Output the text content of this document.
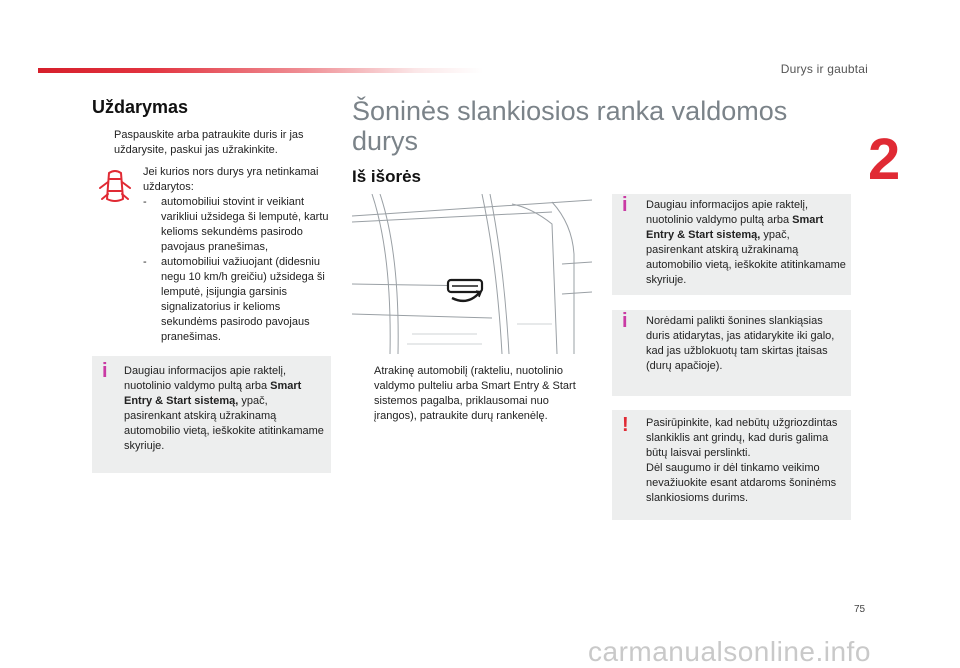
Durys ir gaubtai
2
75
carmanualsonline.info
Uždarymas
Paspauskite arba patraukite duris ir jas uždarysite, paskui jas užrakinkite.
Jei kurios nors durys yra netinkamai uždarytos:
- automobiliui stovint ir veikiant varikliui užsidega ši lemputė, kartu kelioms sekundėms pasirodo pavojaus pranešimas,
- automobiliui važiuojant (didesniu negu 10 km/h greičiu) užsidega ši lemputė, įsijungia garsinis signalizatorius ir kelioms sekundėms pasirodo pavojaus pranešimas.
i Daugiau informacijos apie raktelį, nuotolinio valdymo pultą arba Smart Entry & Start sistemą, ypač, pasirenkant atskirą užrakinamą automobilio vietą, ieškokite atitinkamame skyriuje.
Šoninės slankiosios ranka valdomos durys
Iš išorės
Atrakinę automobilį (rakteliu, nuotolinio valdymo pulteliu arba Smart Entry & Start sistemos pagalba, priklausomai nuo įrangos), patraukite durų rankenėlę.
i Daugiau informacijos apie raktelį, nuotolinio valdymo pultą arba Smart Entry & Start sistemą, ypač, pasirenkant atskirą užrakinamą automobilio vietą, ieškokite atitinkamame skyriuje.
i Norėdami palikti šonines slankiąsias duris atidarytas, jas atidarykite iki galo, kad jas užblokuotų tam skirtas įtaisas (durų apačioje).
! Pasirūpinkite, kad nebūtų užgriozdintas slankiklis ant grindų, kad duris galima būtų laisvai perslinkti.
Dėl saugumo ir dėl tinkamo veikimo nevažiuokite esant atdaroms šoninėms slankiosioms durims.
